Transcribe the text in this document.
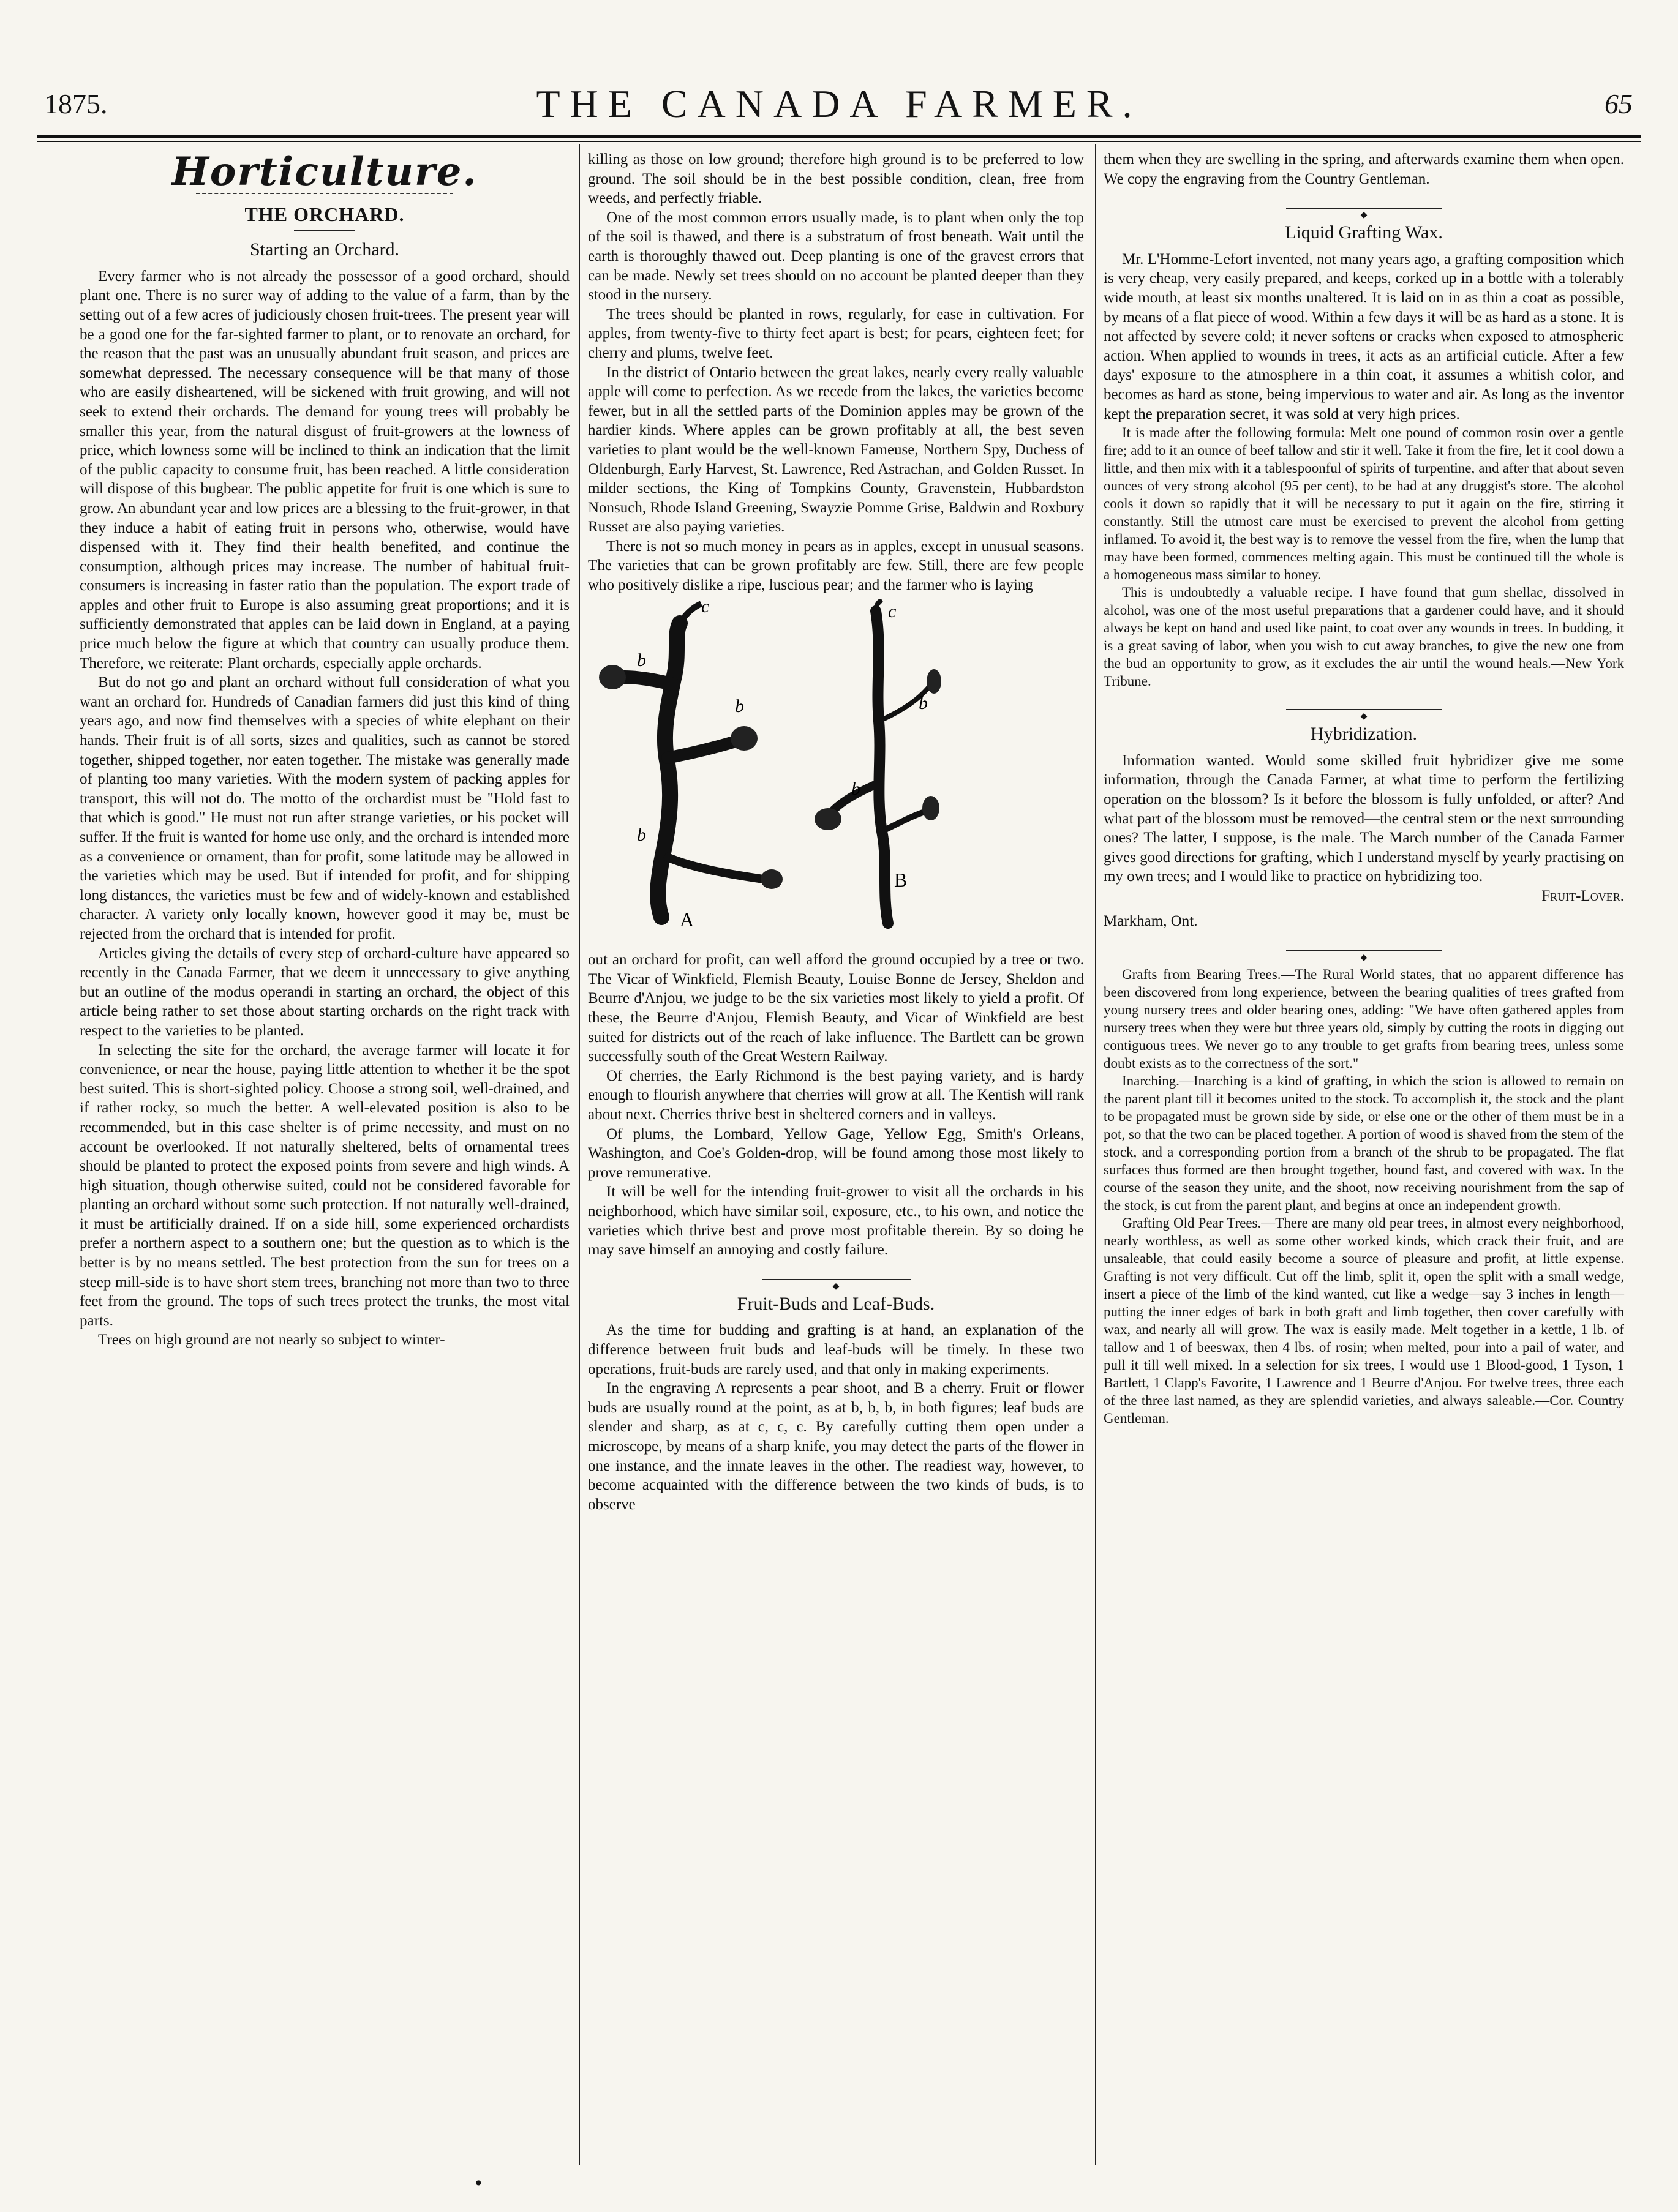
1875.	THE CANADA FARMER.	65
Horticulture.
THE ORCHARD.
Starting an Orchard.

Every farmer who is not already the possessor of a good orchard, should plant one. There is no surer way of adding to the value of a farm, than by the setting out of a few acres of judiciously chosen fruit-trees. The present year will be a good one for the far-sighted farmer to plant, or to renovate an orchard, for the reason that the past was an unusually abundant fruit season, and prices are somewhat depressed. The necessary consequence will be that many of those who are easily disheartened, will be sickened with fruit growing, and will not seek to extend their orchards. The demand for young trees will probably be smaller this year, from the natural disgust of fruit-growers at the lowness of price, which lowness some will be inclined to think an indication that the limit of the public capacity to consume fruit, has been reached. A little consideration will dispose of this bugbear. The public appetite for fruit is one which is sure to grow. An abundant year and low prices are a blessing to the fruit-grower, in that they induce a habit of eating fruit in persons who, otherwise, would have dispensed with it. They find their health benefited, and continue the consumption, although prices may increase. The number of habitual fruit-consumers is increasing in faster ratio than the population. The export trade of apples and other fruit to Europe is also assuming great proportions; and it is sufficiently demonstrated that apples can be laid down in England, at a paying price much below the figure at which that country can usually produce them. Therefore, we reiterate: Plant orchards, especially apple orchards.

But do not go and plant an orchard without full consideration of what you want an orchard for. Hundreds of Canadian farmers did just this kind of thing years ago, and now find themselves with a species of white elephant on their hands. Their fruit is of all sorts, sizes and qualities, such as cannot be stored together, shipped together, nor eaten together. The mistake was generally made of planting too many varieties. With the modern system of packing apples for transport, this will not do. The motto of the orchardist must be "Hold fast to that which is good." He must not run after strange varieties, or his pocket will suffer. If the fruit is wanted for home use only, and the orchard is intended more as a convenience or ornament, than for profit, some latitude may be allowed in the varieties which may be used. But if intended for profit, and for shipping long distances, the varieties must be few and of widely-known and established character. A variety only locally known, however good it may be, must be rejected from the orchard that is intended for profit.

Articles giving the details of every step of orchard-culture have appeared so recently in the Canada Farmer, that we deem it unnecessary to give anything but an outline of the modus operandi in starting an orchard, the object of this article being rather to set those about starting orchards on the right track with respect to the varieties to be planted.

In selecting the site for the orchard, the average farmer will locate it for convenience, or near the house, paying little attention to whether it be the spot best suited. This is short-sighted policy. Choose a strong soil, well-drained, and if rather rocky, so much the better. A well-elevated position is also to be recommended, but in this case shelter is of prime necessity, and must on no account be overlooked. If not naturally sheltered, belts of ornamental trees should be planted to protect the exposed points from severe and high winds. A high situation, though otherwise suited, could not be considered favorable for planting an orchard without some such protection. If not naturally well-drained, it must be artificially drained. If on a side hill, some experienced orchardists prefer a northern aspect to a southern one; but the question as to which is the better is by no means settled. The best protection from the sun for trees on a steep mill-side is to have short stem trees, branching not more than two to three feet from the ground. The tops of such trees protect the trunks, the most vital parts.

Trees on high ground are not nearly so subject to winter-

killing as those on low ground; therefore high ground is to be preferred to low ground. The soil should be in the best possible condition, clean, free from weeds, and perfectly friable.

One of the most common errors usually made, is to plant when only the top of the soil is thawed, and there is a substratum of frost beneath. Wait until the earth is thoroughly thawed out. Deep planting is one of the gravest errors that can be made. Newly set trees should on no account be planted deeper than they stood in the nursery.

The trees should be planted in rows, regularly, for ease in cultivation. For apples, from twenty-five to thirty feet apart is best; for pears, eighteen feet; for cherry and plums, twelve feet.

In the district of Ontario between the great lakes, nearly every really valuable apple will come to perfection. As we recede from the lakes, the varieties become fewer, but in all the settled parts of the Dominion apples may be grown of the hardier kinds. Where apples can be grown profitably at all, the best seven varieties to plant would be the well-known Fameuse, Northern Spy, Duchess of Oldenburgh, Early Harvest, St. Lawrence, Red Astrachan, and Golden Russet. In milder sections, the King of Tompkins County, Gravenstein, Hubbardston Nonsuch, Rhode Island Greening, Swayzie Pomme Grise, Baldwin and Roxbury Russet are also paying varieties.

There is not so much money in pears as in apples, except in unusual seasons. The varieties that can be grown profitably are few. Still, there are few people who positively dislike a ripe, luscious pear; and the farmer who is laying

b
b
b
c
A
c
b
b
B

out an orchard for profit, can well afford the ground occupied by a tree or two. The Vicar of Winkfield, Flemish Beauty, Louise Bonne de Jersey, Sheldon and Beurre d'Anjou, we judge to be the six varieties most likely to yield a profit. Of these, the Beurre d'Anjou, Flemish Beauty, and Vicar of Winkfield are best suited for districts out of the reach of lake influence. The Bartlett can be grown successfully south of the Great Western Railway.

Of cherries, the Early Richmond is the best paying variety, and is hardy enough to flourish anywhere that cherries will grow at all. The Kentish will rank about next. Cherries thrive best in sheltered corners and in valleys.

Of plums, the Lombard, Yellow Gage, Yellow Egg, Smith's Orleans, Washington, and Coe's Golden-drop, will be found among those most likely to prove remunerative.

It will be well for the intending fruit-grower to visit all the orchards in his neighborhood, which have similar soil, exposure, etc., to his own, and notice the varieties which thrive best and prove most profitable therein. By so doing he may save himself an annoying and costly failure.

◆
Fruit-Buds and Leaf-Buds.

As the time for budding and grafting is at hand, an explanation of the difference between fruit buds and leaf-buds will be timely. In these two operations, fruit-buds are rarely used, and that only in making experiments.

In the engraving A represents a pear shoot, and B a cherry. Fruit or flower buds are usually round at the point, as at b, b, b, in both figures; leaf buds are slender and sharp, as at c, c, c. By carefully cutting them open under a microscope, by means of a sharp knife, you may detect the parts of the flower in one instance, and the innate leaves in the other. The readiest way, however, to become acquainted with the difference between the two kinds of buds, is to observe

them when they are swelling in the spring, and afterwards examine them when open. We copy the engraving from the Country Gentleman.

◆
Liquid Grafting Wax.

Mr. L'Homme-Lefort invented, not many years ago, a grafting composition which is very cheap, very easily prepared, and keeps, corked up in a bottle with a tolerably wide mouth, at least six months unaltered. It is laid on in as thin a coat as possible, by means of a flat piece of wood. Within a few days it will be as hard as a stone. It is not affected by severe cold; it never softens or cracks when exposed to atmospheric action. When applied to wounds in trees, it acts as an artificial cuticle. After a few days' exposure to the atmosphere in a thin coat, it assumes a whitish color, and becomes as hard as stone, being impervious to water and air. As long as the inventor kept the preparation secret, it was sold at very high prices.

It is made after the following formula: Melt one pound of common rosin over a gentle fire; add to it an ounce of beef tallow and stir it well. Take it from the fire, let it cool down a little, and then mix with it a tablespoonful of spirits of turpentine, and after that about seven ounces of very strong alcohol (95 per cent), to be had at any druggist's store. The alcohol cools it down so rapidly that it will be necessary to put it again on the fire, stirring it constantly. Still the utmost care must be exercised to prevent the alcohol from getting inflamed. To avoid it, the best way is to remove the vessel from the fire, when the lump that may have been formed, commences melting again. This must be continued till the whole is a homogeneous mass similar to honey.

This is undoubtedly a valuable recipe. I have found that gum shellac, dissolved in alcohol, was one of the most useful preparations that a gardener could have, and it should always be kept on hand and used like paint, to coat over any wounds in trees. In budding, it is a great saving of labor, when you wish to cut away branches, to give the new one from the bud an opportunity to grow, as it excludes the air until the wound heals.—New York Tribune.

◆
Hybridization.

Information wanted. Would some skilled fruit hybridizer give me some information, through the Canada Farmer, at what time to perform the fertilizing operation on the blossom? Is it before the blossom is fully unfolded, or after? And what part of the blossom must be removed—the central stem or the next surrounding ones? The latter, I suppose, is the male. The March number of the Canada Farmer gives good directions for grafting, which I understand myself by yearly practising on my own trees; and I would like to practice on hybridizing too.

Fruit-Lover.
Markham, Ont.
◆

Grafts from Bearing Trees.—The Rural World states, that no apparent difference has been discovered from long experience, between the bearing qualities of trees grafted from young nursery trees and older bearing ones, adding: "We have often gathered apples from nursery trees when they were but three years old, simply by cutting the roots in digging out contiguous trees. We never go to any trouble to get grafts from bearing trees, unless some doubt exists as to the correctness of the sort."

Inarching.—Inarching is a kind of grafting, in which the scion is allowed to remain on the parent plant till it becomes united to the stock. To accomplish it, the stock and the plant to be propagated must be grown side by side, or else one or the other of them must be in a pot, so that the two can be placed together. A portion of wood is shaved from the stem of the stock, and a corresponding portion from a branch of the shrub to be propagated. The flat surfaces thus formed are then brought together, bound fast, and covered with wax. In the course of the season they unite, and the shoot, now receiving nourishment from the sap of the stock, is cut from the parent plant, and begins at once an independent growth.

Grafting Old Pear Trees.—There are many old pear trees, in almost every neighborhood, nearly worthless, as well as some other worked kinds, which crack their fruit, and are unsaleable, that could easily become a source of pleasure and profit, at little expense. Grafting is not very difficult. Cut off the limb, split it, open the split with a small wedge, insert a piece of the limb of the kind wanted, cut like a wedge—say 3 inches in length—putting the inner edges of bark in both graft and limb together, then cover carefully with wax, and nearly all will grow. The wax is easily made. Melt together in a kettle, 1 lb. of tallow and 1 of beeswax, then 4 lbs. of rosin; when melted, pour into a pail of water, and pull it till well mixed. In a selection for six trees, I would use 1 Blood-good, 1 Tyson, 1 Bartlett, 1 Clapp's Favorite, 1 Lawrence and 1 Beurre d'Anjou. For twelve trees, three each of the three last named, as they are splendid varieties, and always saleable.—Cor. Country Gentleman.

•
